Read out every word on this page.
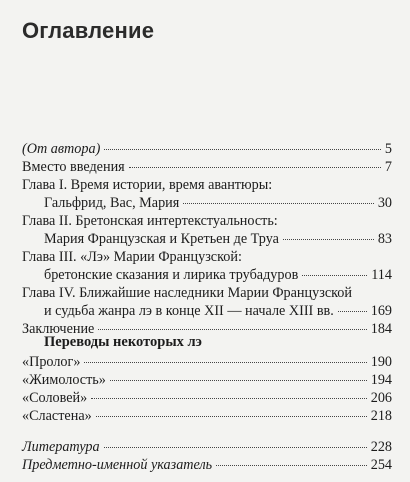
Оглавление
(От автора)	5
Вместо введения	7
Глава I. Время истории, время авантюры:
Гальфрид, Вас, Мария	30
Глава II. Бретонская интертекстуальность:
Мария Французская и Кретьен де Труа	83
Глава III. «Лэ» Марии Французской:
бретонские сказания и лирика трубадуров	114
Глава IV. Ближайшие наследники Марии Французской
и судьба жанра лэ в конце XII — начале XIII вв.	169
Заключение	184
Переводы некоторых лэ
«Пролог»	190
«Жимолость»	194
«Соловей»	206
«Сластена»	218
Литература	228
Предметно-именной указатель	254
